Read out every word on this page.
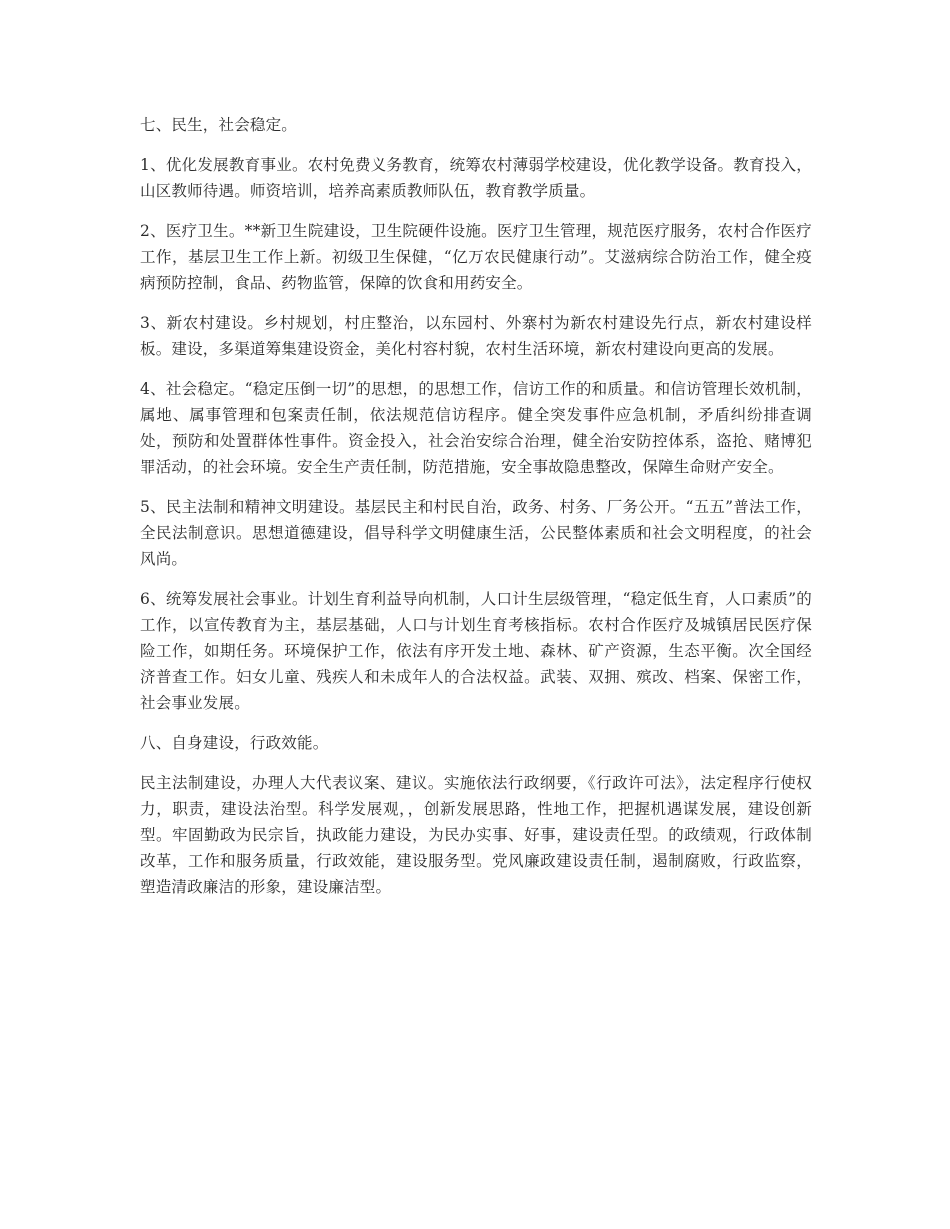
七、民生，社会稳定。

1、优化发展教育事业。农村免费义务教育，统筹农村薄弱学校建设，优化教学设备。教育投入，山区教师待遇。师资培训，培养高素质教师队伍，教育教学质量。

2、医疗卫生。**新卫生院建设，卫生院硬件设施。医疗卫生管理，规范医疗服务，农村合作医疗工作，基层卫生工作上新。初级卫生保健，“亿万农民健康行动”。艾滋病综合防治工作，健全疫病预防控制，食品、药物监管，保障的饮食和用药安全。

3、新农村建设。乡村规划，村庄整治，以东园村、外寨村为新农村建设先行点，新农村建设样板。建设，多渠道筹集建设资金，美化村容村貌，农村生活环境，新农村建设向更高的发展。

4、社会稳定。“稳定压倒一切”的思想，的思想工作，信访工作的和质量。和信访管理长效机制，属地、属事管理和包案责任制，依法规范信访程序。健全突发事件应急机制，矛盾纠纷排查调处，预防和处置群体性事件。资金投入，社会治安综合治理，健全治安防控体系，盗抢、赌博犯罪活动，的社会环境。安全生产责任制，防范措施，安全事故隐患整改，保障生命财产安全。

5、民主法制和精神文明建设。基层民主和村民自治，政务、村务、厂务公开。“五五”普法工作，全民法制意识。思想道德建设，倡导科学文明健康生活，公民整体素质和社会文明程度，的社会风尚。

6、统筹发展社会事业。计划生育利益导向机制，人口计生层级管理，“稳定低生育，人口素质”的工作，以宣传教育为主，基层基础，人口与计划生育考核指标。农村合作医疗及城镇居民医疗保险工作，如期任务。环境保护工作，依法有序开发土地、森林、矿产资源，生态平衡。次全国经济普查工作。妇女儿童、残疾人和未成年人的合法权益。武装、双拥、殡改、档案、保密工作，社会事业发展。

八、自身建设，行政效能。

民主法制建设，办理人大代表议案、建议。实施依法行政纲要，《行政许可法》，法定程序行使权力，职责，建设法治型。科学发展观，，创新发展思路，性地工作，把握机遇谋发展，建设创新型。牢固勤政为民宗旨，执政能力建设，为民办实事、好事，建设责任型。的政绩观，行政体制改革，工作和服务质量，行政效能，建设服务型。党风廉政建设责任制，遏制腐败，行政监察，塑造清政廉洁的形象，建设廉洁型。
